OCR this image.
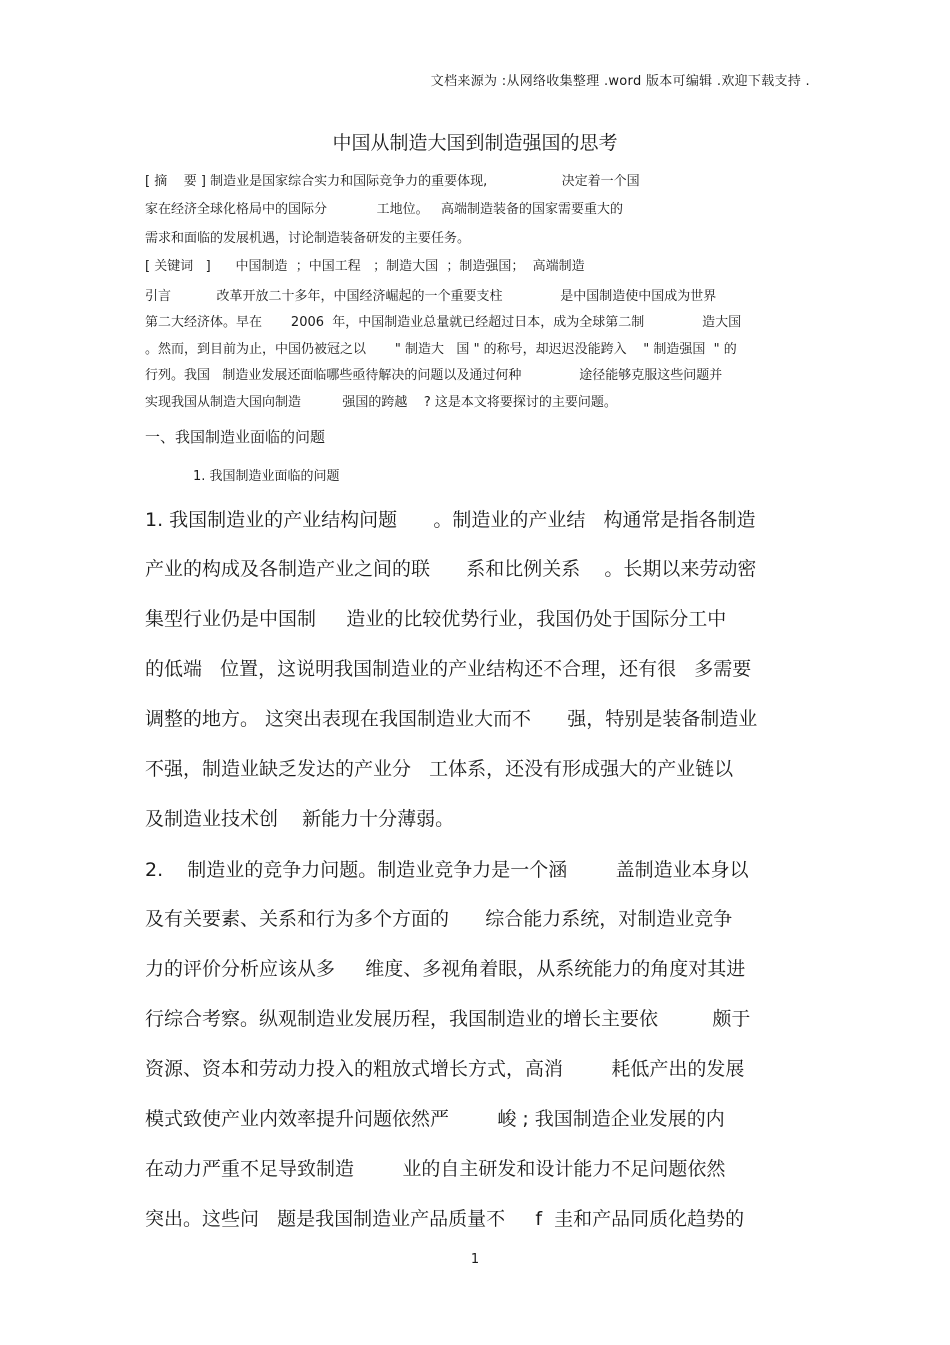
文档来源为 :从网络收集整理 .word 版本可编辑 .欢迎下载支持 .
中国从制造大国到制造强国的思考
[ 摘    要 ] 制造业是国家综合实力和国际竞争力的重要体现,                  决定着一个国
家在经济全球化格局中的国际分            工地位。   高端制造装备的国家需要重大的
需求和面临的发展机遇，讨论制造装备研发的主要任务。
[ 关键词   ]      中国制造  ；中国工程   ；制造大国  ；制造强国；  高端制造
引言           改革开放二十多年，中国经济崛起的一个重要支柱              是中国制造使中国成为世界
第二大经济体。早在       2006  年，中国制造业总量就已经超过日本，成为全球第二制              造大国
。然而，到目前为止，中国仍被冠之以       " 制造大   国 " 的称号，却迟迟没能跨入    " 制造强国  " 的
行列。我国   制造业发展还面临哪些亟待解决的问题以及通过何种              途径能够克服这些问题并
实现我国从制造大国向制造          强国的跨越    ? 这是本文将要探讨的主要问题。
一、我国制造业面临的问题
1. 我国制造业面临的问题
1. 我国制造业的产业结构问题      。制造业的产业结   构通常是指各制造
产业的构成及各制造产业之间的联      系和比例关系    。长期以来劳动密
集型行业仍是中国制     造业的比较优势行业，我国仍处于国际分工中
的低端   位置，这说明我国制造业的产业结构还不合理，还有很   多需要
调整的地方。 这突出表现在我国制造业大而不      强，特别是装备制造业
不强，制造业缺乏发达的产业分   工体系，还没有形成强大的产业链以
及制造业技术创    新能力十分薄弱。
2.    制造业的竞争力问题。制造业竞争力是一个涵        盖制造业本身以
及有关要素、关系和行为多个方面的      综合能力系统，对制造业竞争
力的评价分析应该从多     维度、多视角着眼，从系统能力的角度对其进
行综合考察。纵观制造业发展历程，我国制造业的增长主要依         颇于
资源、资本和劳动力投入的粗放式增长方式，高消        耗低产出的发展
模式致使产业内效率提升问题依然严        峻 ; 我国制造企业发展的内
在动力严重不足导致制造        业的自主研发和设计能力不足问题依然
突出。这些问   题是我国制造业产品质量不     f  圭和产品同质化趋势的
1
